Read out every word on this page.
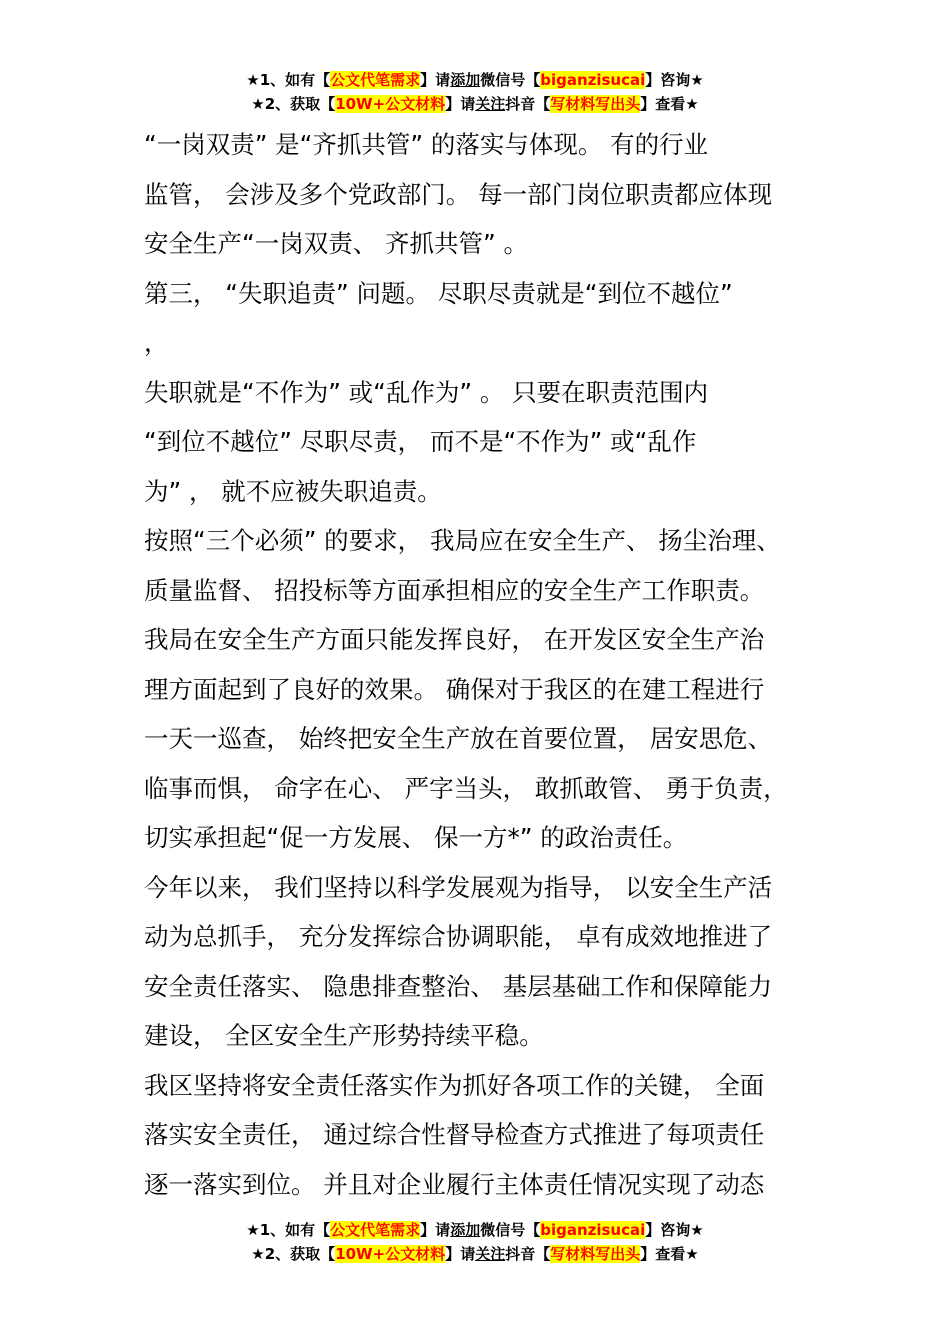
★1、如有【公文代笔需求】请添加微信号【biganzisucai】咨询★
★2、获取【10W+公文材料】请关注抖音【写材料写出头】查看★
“一岗双责” 是“齐抓共管” 的落实与体现。 有的行业
监管， 会涉及多个党政部门。 每一部门岗位职责都应体现
安全生产“一岗双责、 齐抓共管” 。
第三， “失职追责” 问题。 尽职尽责就是“到位不越位”
，
失职就是“不作为” 或“乱作为” 。 只要在职责范围内
“到位不越位” 尽职尽责， 而不是“不作为” 或“乱作
为” ， 就不应被失职追责。
按照“三个必须” 的要求， 我局应在安全生产、 扬尘治理、
质量监督、 招投标等方面承担相应的安全生产工作职责。
我局在安全生产方面只能发挥良好， 在开发区安全生产治
理方面起到了良好的效果。 确保对于我区的在建工程进行
一天一巡查， 始终把安全生产放在首要位置， 居安思危、
临事而惧， 命字在心、 严字当头， 敢抓敢管、 勇于负责，
切实承担起“促一方发展、 保一方*” 的政治责任。
今年以来， 我们坚持以科学发展观为指导， 以安全生产活
动为总抓手， 充分发挥综合协调职能， 卓有成效地推进了
安全责任落实、 隐患排查整治、 基层基础工作和保障能力
建设， 全区安全生产形势持续平稳。
我区坚持将安全责任落实作为抓好各项工作的关键， 全面
落实安全责任， 通过综合性督导检查方式推进了每项责任
逐一落实到位。 并且对企业履行主体责任情况实现了动态
★1、如有【公文代笔需求】请添加微信号【biganzisucai】咨询★
★2、获取【10W+公文材料】请关注抖音【写材料写出头】查看★
